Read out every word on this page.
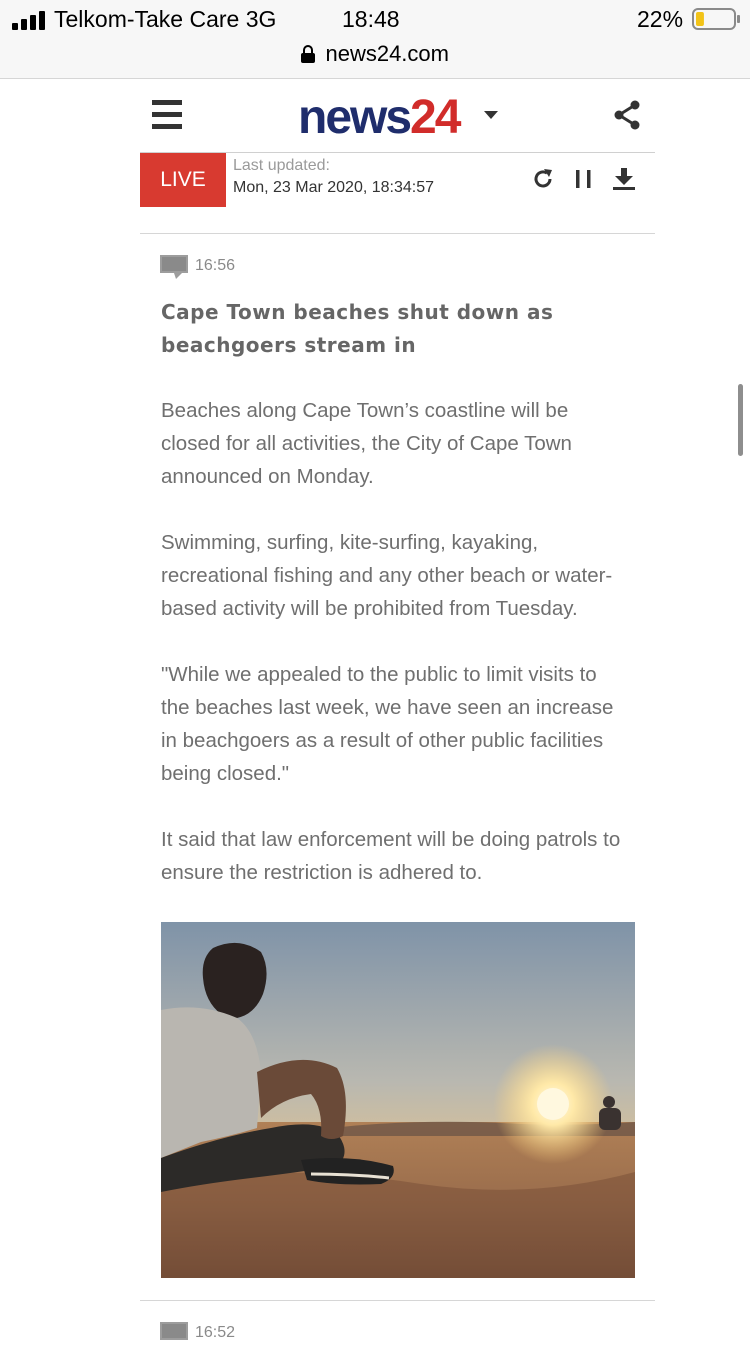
Telkom-Take Care 3G	18:48	22%
news24.com
news24
LIVE
Last updated:
Mon, 23 Mar 2020, 18:34:57
16:56
Cape Town beaches shut down as beachgoers stream in

Beaches along Cape Town’s coastline will be closed for all activities, the City of Cape Town announced on Monday.

Swimming, surfing, kite-surfing, kayaking, recreational fishing and any other beach or water-based activity will be prohibited from Tuesday.

"While we appealed to the public to limit visits to the beaches last week, we have seen an increase in beachgoers as a result of other public facilities being closed."

It said that law enforcement will be doing patrols to ensure the restriction is adhered to.

16:52
